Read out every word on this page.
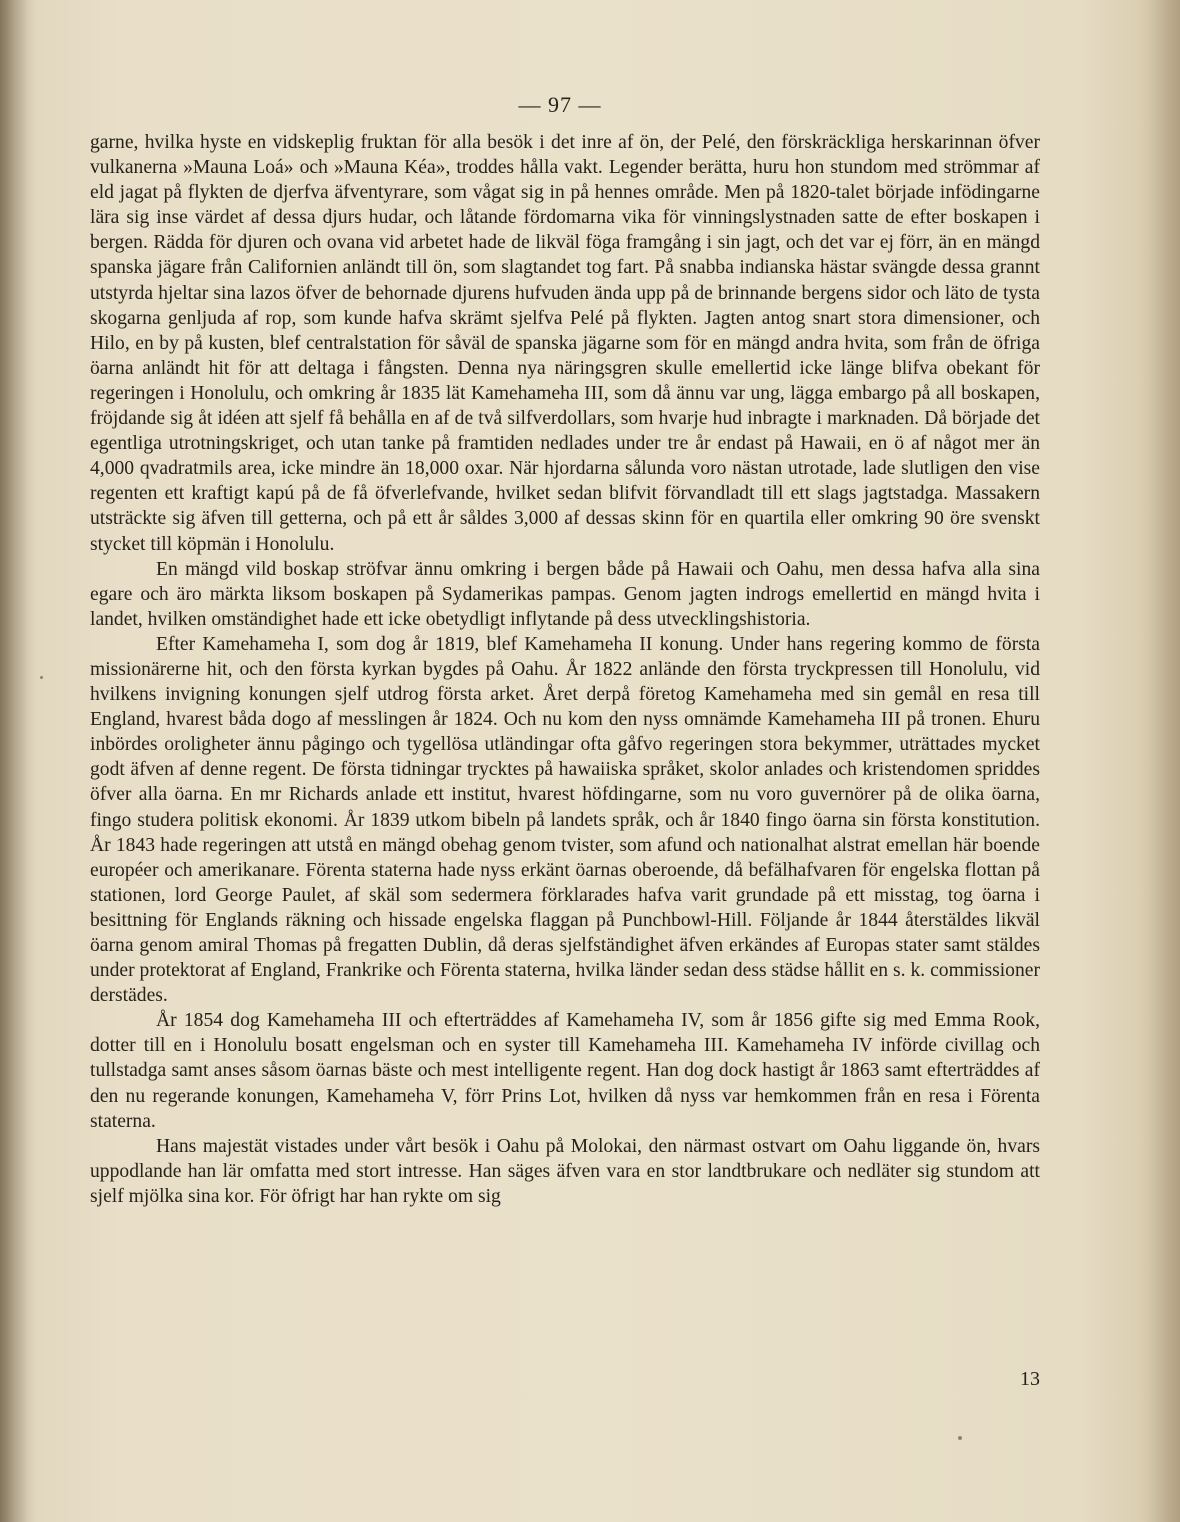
— 97 —

garne, hvilka hyste en vidskeplig fruktan för alla besök i det inre af ön, der Pelé, den förskräckliga herskarinnan öfver vulkanerna »Mauna Loá» och »Mauna Kéa», troddes hålla vakt. Legender berätta, huru hon stundom med strömmar af eld jagat på flykten de djerfva äfventyrare, som vågat sig in på hennes område. Men på 1820-talet började infödingarne lära sig inse värdet af dessa djurs hudar, och låtande fördomarna vika för vinningslystnaden satte de efter boskapen i bergen. Rädda för djuren och ovana vid arbetet hade de likväl föga framgång i sin jagt, och det var ej förr, än en mängd spanska jägare från Californien anländt till ön, som slagtandet tog fart. På snabba indianska hästar svängde dessa grannt utstyrda hjeltar sina lazos öfver de behornade djurens hufvuden ända upp på de brinnande bergens sidor och läto de tysta skogarna genljuda af rop, som kunde hafva skrämt sjelfva Pelé på flykten. Jagten antog snart stora dimensioner, och Hilo, en by på kusten, blef centralstation för såväl de spanska jägarne som för en mängd andra hvita, som från de öfriga öarna anländt hit för att deltaga i fångsten. Denna nya näringsgren skulle emellertid icke länge blifva obekant för regeringen i Honolulu, och omkring år 1835 lät Kamehameha III, som då ännu var ung, lägga embargo på all boskapen, fröjdande sig åt idéen att sjelf få behålla en af de två silfverdollars, som hvarje hud inbragte i marknaden. Då började det egentliga utrotningskriget, och utan tanke på framtiden nedlades under tre år endast på Hawaii, en ö af något mer än 4,000 qvadratmils area, icke mindre än 18,000 oxar. När hjordarna sålunda voro nästan utrotade, lade slutligen den vise regenten ett kraftigt kapú på de få öfverlefvande, hvilket sedan blifvit förvandladt till ett slags jagtstadga. Massakern utsträckte sig äfven till getterna, och på ett år såldes 3,000 af dessas skinn för en quartila eller omkring 90 öre svenskt stycket till köpmän i Honolulu.

En mängd vild boskap ströfvar ännu omkring i bergen både på Hawaii och Oahu, men dessa hafva alla sina egare och äro märkta liksom boskapen på Sydamerikas pampas. Genom jagten indrogs emellertid en mängd hvita i landet, hvilken omständighet hade ett icke obetydligt inflytande på dess utvecklingshistoria.

Efter Kamehameha I, som dog år 1819, blef Kamehameha II konung. Under hans regering kommo de första missionärerne hit, och den första kyrkan bygdes på Oahu. År 1822 anlände den första tryckpressen till Honolulu, vid hvilkens invigning konungen sjelf utdrog första arket. Året derpå företog Kamehameha med sin gemål en resa till England, hvarest båda dogo af messlingen år 1824. Och nu kom den nyss omnämde Kamehameha III på tronen. Ehuru inbördes oroligheter ännu pågingo och tygellösa utländingar ofta gåfvo regeringen stora bekymmer, uträttades mycket godt äfven af denne regent. De första tidningar trycktes på hawaiiska språket, skolor anlades och kristendomen spriddes öfver alla öarna. En mr Richards anlade ett institut, hvarest höfdingarne, som nu voro guvernörer på de olika öarna, fingo studera politisk ekonomi. År 1839 utkom bibeln på landets språk, och år 1840 fingo öarna sin första konstitution. År 1843 hade regeringen att utstå en mängd obehag genom tvister, som afund och nationalhat alstrat emellan här boende européer och amerikanare. Förenta staterna hade nyss erkänt öarnas oberoende, då befälhafvaren för engelska flottan på stationen, lord George Paulet, af skäl som sedermera förklarades hafva varit grundade på ett misstag, tog öarna i besittning för Englands räkning och hissade engelska flaggan på Punchbowl-Hill. Följande år 1844 återstäldes likväl öarna genom amiral Thomas på fregatten Dublin, då deras sjelfständighet äfven erkändes af Europas stater samt stäldes under protektorat af England, Frankrike och Förenta staterna, hvilka länder sedan dess städse hållit en s. k. commissioner derstädes.

År 1854 dog Kamehameha III och efterträddes af Kamehameha IV, som år 1856 gifte sig med Emma Rook, dotter till en i Honolulu bosatt engelsman och en syster till Kamehameha III. Kamehameha IV införde civillag och tullstadga samt anses såsom öarnas bäste och mest intelligente regent. Han dog dock hastigt år 1863 samt efterträddes af den nu regerande konungen, Kamehameha V, förr Prins Lot, hvilken då nyss var hemkommen från en resa i Förenta staterna.

Hans majestät vistades under vårt besök i Oahu på Molokai, den närmast ostvart om Oahu liggande ön, hvars uppodlande han lär omfatta med stort intresse. Han säges äfven vara en stor landtbrukare och nedläter sig stundom att sjelf mjölka sina kor. För öfrigt har han rykte om sig

13
